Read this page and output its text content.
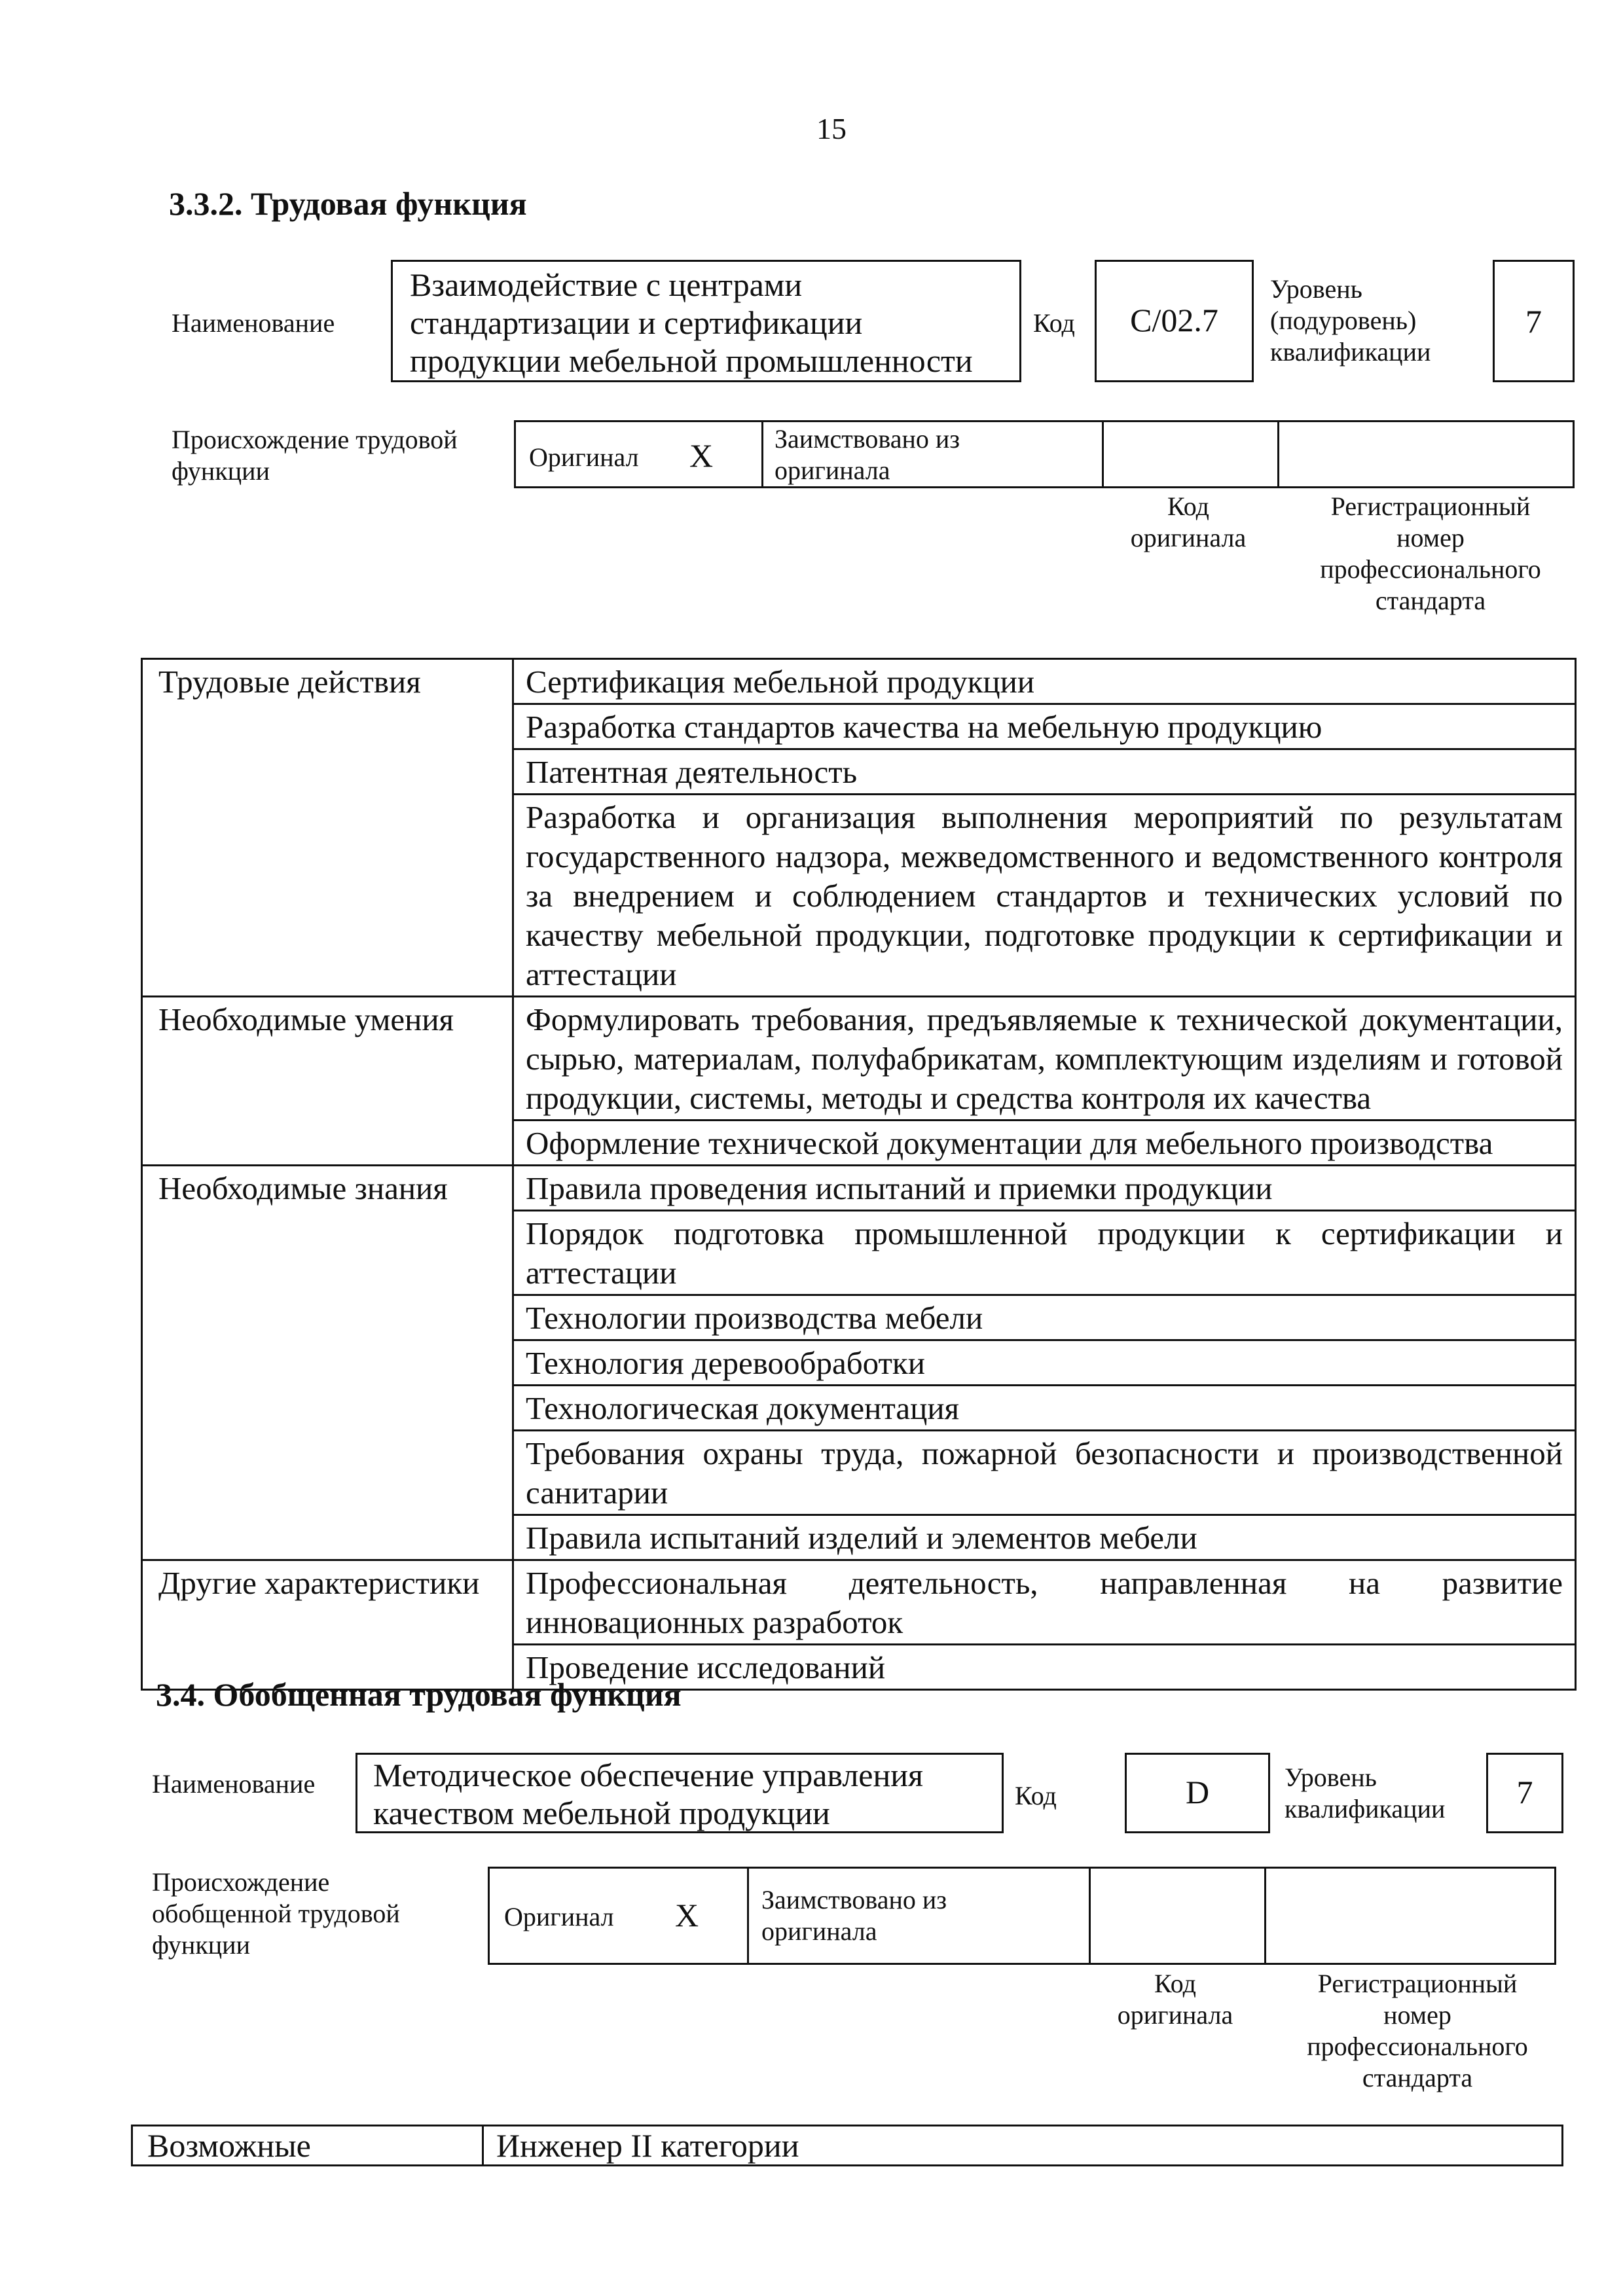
15
3.3.2. Трудовая функция
Наименование
Взаимодействие с центрами
стандартизации и сертификации
продукции мебельной промышленности
Код	C/02.7
Уровень
(подуровень)
квалификации
7
Происхождение трудовой
функции	Оригинал X Заимствовано из
оригинала
Код
оригинала
Регистрационный
номер
профессионального
стандарта
Трудовые действия	Сертификация мебельной продукции
	Разработка стандартов качества на мебельную продукцию
	Патентная деятельность
	Разработка и организация выполнения мероприятий по результатам государственного надзора, межведомственного и ведомственного контроля за внедрением и соблюдением стандартов и технических условий по качеству мебельной продукции, подготовке продукции к сертификации и аттестации
Необходимые умения	Формулировать требования, предъявляемые к технической документации, сырью, материалам, полуфабрикатам, комплектующим изделиям и готовой продукции, системы, методы и средства контроля их качества
	Оформление технической документации для мебельного производства
Необходимые знания	Правила проведения испытаний и приемки продукции
	Порядок подготовка промышленной продукции к сертификации и аттестации
	Технологии производства мебели
	Технология деревообработки
	Технологическая документация
	Требования охраны труда, пожарной безопасности и производственной санитарии
	Правила испытаний изделий и элементов мебели
Другие характеристики	Профессиональная деятельность, направленная на развитие инновационных разработок
	Проведение исследований
3.4. Обобщенная трудовая функция
Наименование Методическое обеспечение управления
качеством мебельной продукции	Код	D	Уровень
квалификации	7
Происхождение
обобщенной трудовой
функции
Оригинал X Заимствовано из
оригинала
Код
оригинала
Регистрационный
номер
профессионального
стандарта
Возможные	Инженер II категории
